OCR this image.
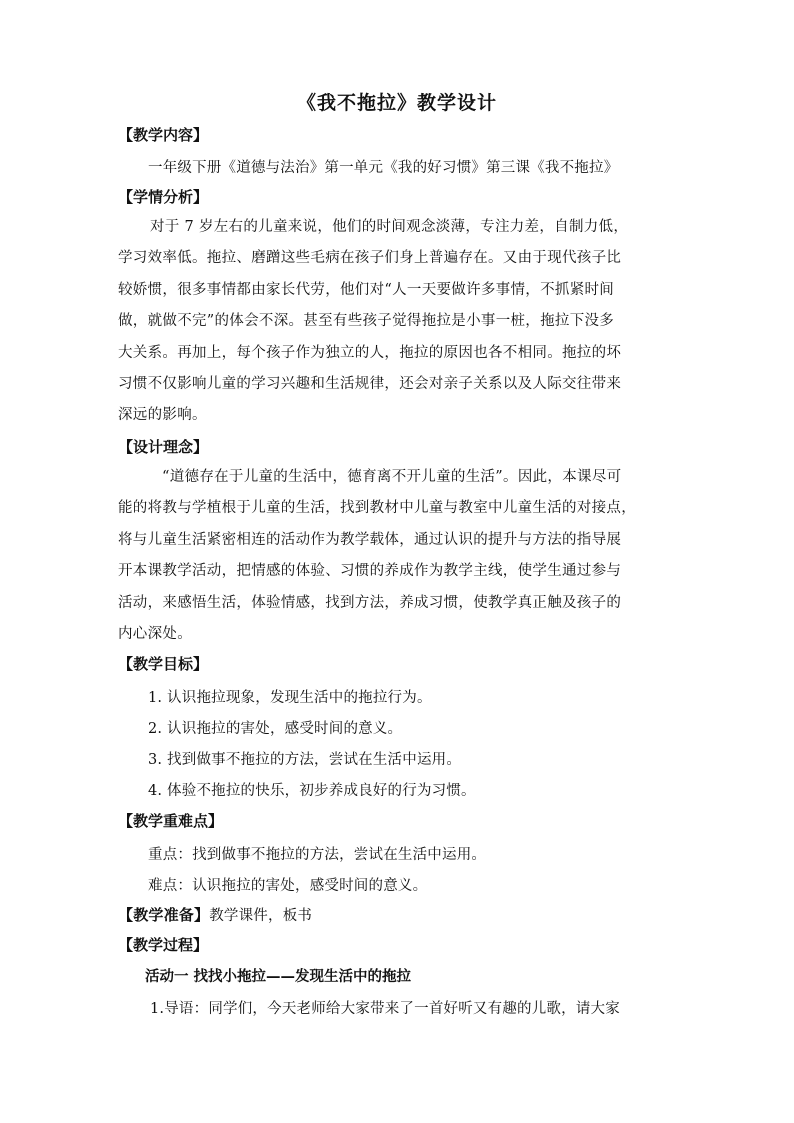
《我不拖拉》教学设计
【教学内容】
一年级下册《道德与法治》第一单元《我的好习惯》第三课《我不拖拉》
【学情分析】
对于 7 岁左右的儿童来说，他们的时间观念淡薄，专注力差，自制力低，
学习效率低。拖拉、磨蹭这些毛病在孩子们身上普遍存在。又由于现代孩子比
较娇惯，很多事情都由家长代劳，他们对“人一天要做许多事情，不抓紧时间
做，就做不完”的体会不深。甚至有些孩子觉得拖拉是小事一桩，拖拉下没多
大关系。再加上，每个孩子作为独立的人，拖拉的原因也各不相同。拖拉的坏
习惯不仅影响儿童的学习兴趣和生活规律，还会对亲子关系以及人际交往带来
深远的影响。
【设计理念】
“道德存在于儿童的生活中，德育离不开儿童的生活”。因此，本课尽可
能的将教与学植根于儿童的生活，找到教材中儿童与教室中儿童生活的对接点，
将与儿童生活紧密相连的活动作为教学载体，通过认识的提升与方法的指导展
开本课教学活动，把情感的体验、习惯的养成作为教学主线，使学生通过参与
活动，来感悟生活，体验情感，找到方法，养成习惯，使教学真正触及孩子的
内心深处。
【教学目标】
1. 认识拖拉现象，发现生活中的拖拉行为。
2. 认识拖拉的害处，感受时间的意义。
3. 找到做事不拖拉的方法，尝试在生活中运用。
4. 体验不拖拉的快乐，初步养成良好的行为习惯。
【教学重难点】
重点：找到做事不拖拉的方法，尝试在生活中运用。
难点：认识拖拉的害处，感受时间的意义。
【教学准备】教学课件，板书
【教学过程】
活动一 找找小拖拉——发现生活中的拖拉
1.导语：同学们，今天老师给大家带来了一首好听又有趣的儿歌，请大家
